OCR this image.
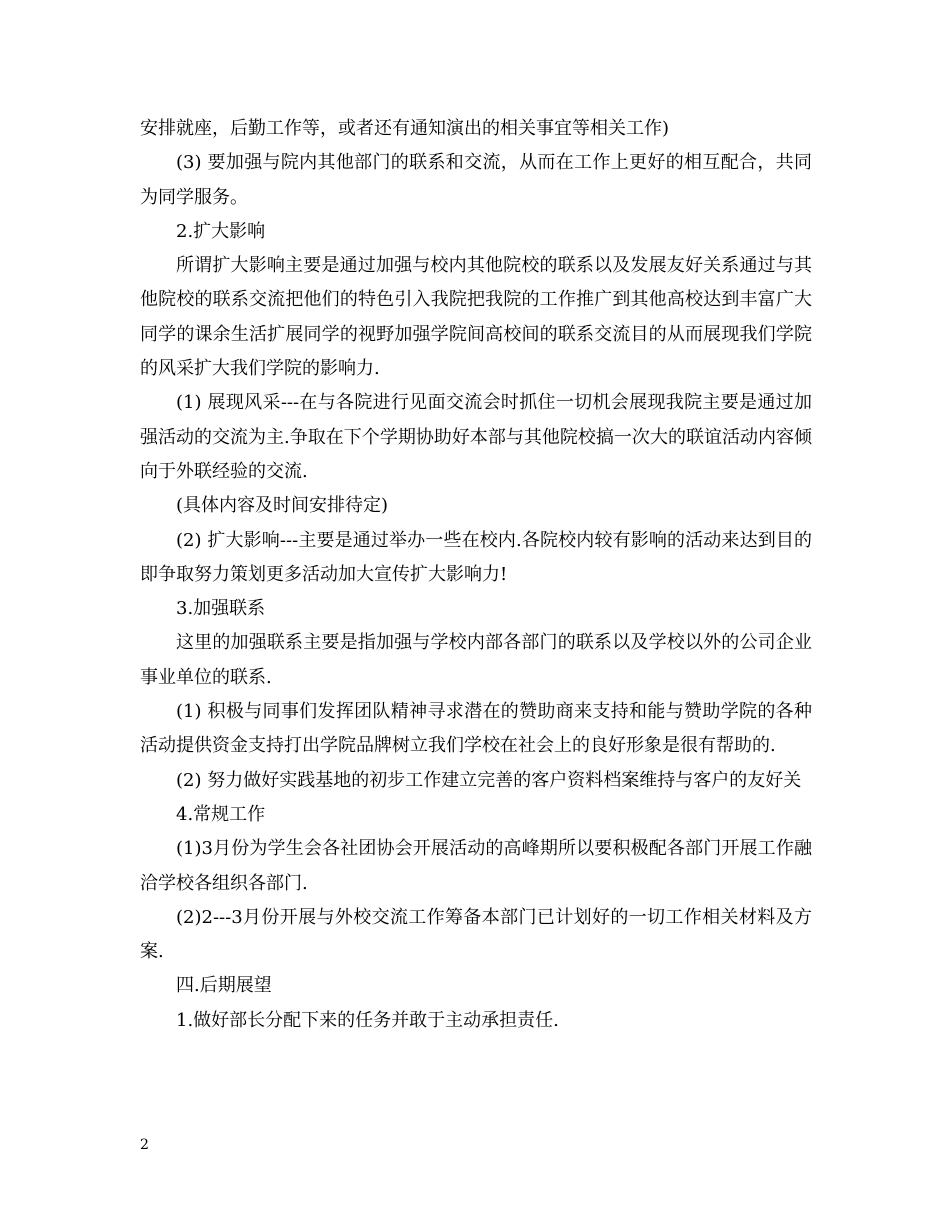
安排就座，后勤工作等，或者还有通知演出的相关事宜等相关工作)

(3) 要加强与院内其他部门的联系和交流，从而在工作上更好的相互配合，共同为同学服务。

2.扩大影响

所谓扩大影响主要是通过加强与校内其他院校的联系以及发展友好关系通过与其他院校的联系交流把他们的特色引入我院把我院的工作推广到其他高校达到丰富广大同学的课余生活扩展同学的视野加强学院间高校间的联系交流目的从而展现我们学院的风采扩大我们学院的影响力.

(1) 展现风采---在与各院进行见面交流会时抓住一切机会展现我院主要是通过加强活动的交流为主.争取在下个学期协助好本部与其他院校搞一次大的联谊活动内容倾向于外联经验的交流.

(具体内容及时间安排待定)

(2) 扩大影响---主要是通过举办一些在校内.各院校内较有影响的活动来达到目的即争取努力策划更多活动加大宣传扩大影响力!

3.加强联系

这里的加强联系主要是指加强与学校内部各部门的联系以及学校以外的公司企业事业单位的联系.

(1) 积极与同事们发挥团队精神寻求潜在的赞助商来支持和能与赞助学院的各种活动提供资金支持打出学院品牌树立我们学校在社会上的良好形象是很有帮助的.

(2) 努力做好实践基地的初步工作建立完善的客户资料档案维持与客户的友好关

4.常规工作

(1)3月份为学生会各社团协会开展活动的高峰期所以要积极配各部门开展工作融洽学校各组织各部门.

(2)2---3月份开展与外校交流工作筹备本部门已计划好的一切工作相关材料及方案.

四.后期展望

1.做好部长分配下来的任务并敢于主动承担责任.

2
